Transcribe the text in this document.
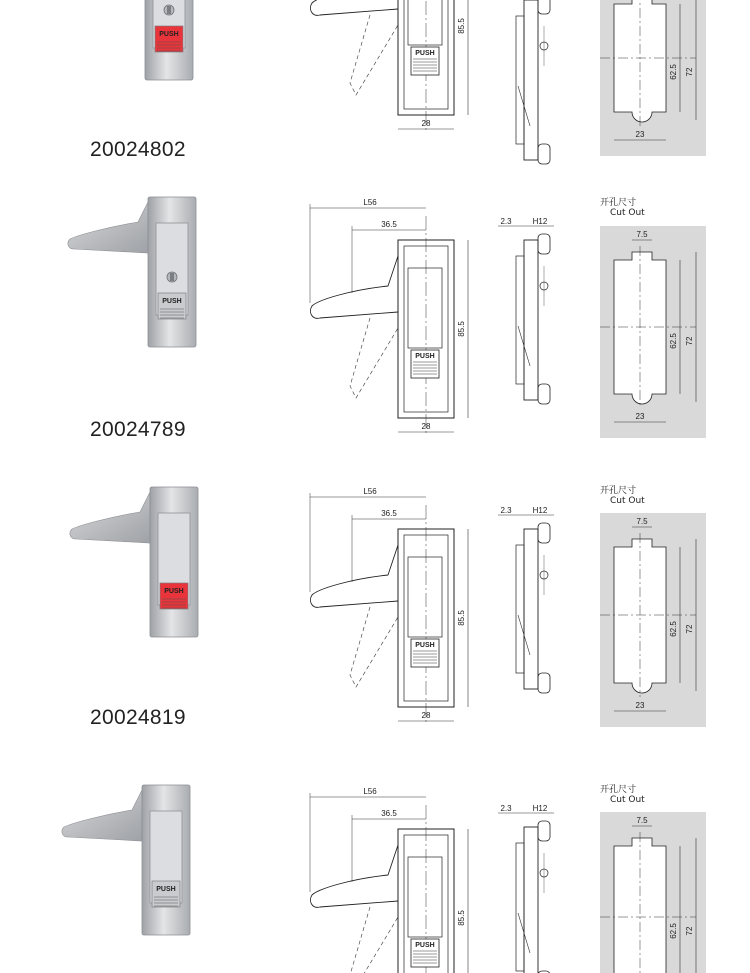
20024802
20024789
20024819
开孔尺寸
Cut Out
开孔尺寸
Cut Out
开孔尺寸
Cut Out
PUSH
PUSH
85.5
28
62.5 72
23
PUSH
L56
36.5
PUSH
85.5
28
2.3	H12
62.5 72
23
7.5
PUSH
L56
36.5
PUSH
85.5
28
2.3	H12
62.5 72
23
7.5
PUSH
L56
36.5
PUSH
85.5
2.3	H12
62.5 72
7.5
